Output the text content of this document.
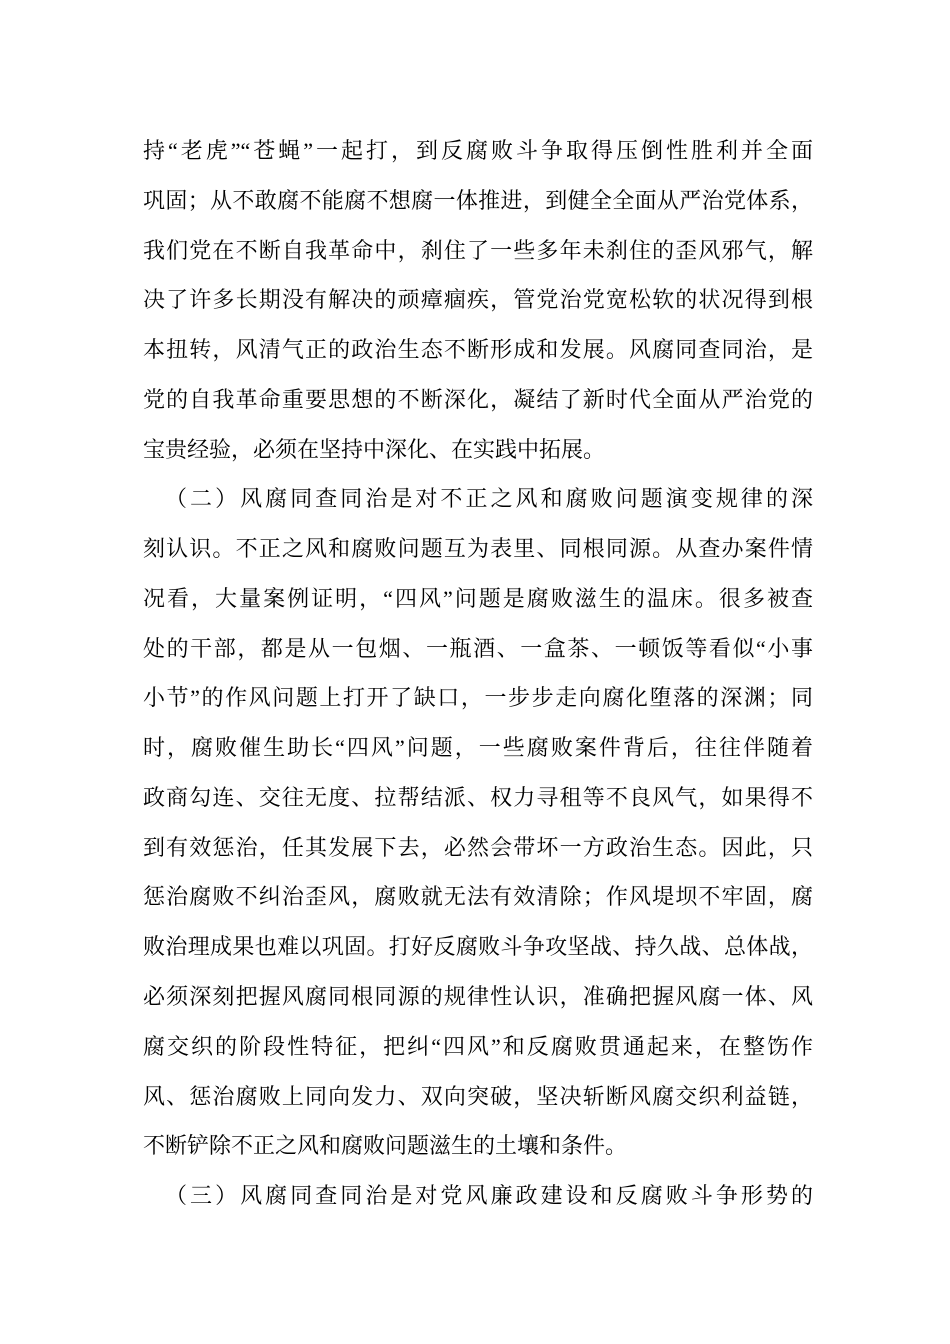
持“老虎”“苍蝇”一起打，到反腐败斗争取得压倒性胜利并全面
巩固；从不敢腐不能腐不想腐一体推进，到健全全面从严治党体系，
我们党在不断自我革命中，刹住了一些多年未刹住的歪风邪气，解
决了许多长期没有解决的顽瘴痼疾，管党治党宽松软的状况得到根
本扭转，风清气正的政治生态不断形成和发展。风腐同查同治，是
党的自我革命重要思想的不断深化，凝结了新时代全面从严治党的
宝贵经验，必须在坚持中深化、在实践中拓展。
（二）风腐同查同治是对不正之风和腐败问题演变规律的深
刻认识。不正之风和腐败问题互为表里、同根同源。从查办案件情
况看，大量案例证明，“四风”问题是腐败滋生的温床。很多被查
处的干部，都是从一包烟、一瓶酒、一盒茶、一顿饭等看似“小事
小节”的作风问题上打开了缺口，一步步走向腐化堕落的深渊；同
时，腐败催生助长“四风”问题，一些腐败案件背后，往往伴随着
政商勾连、交往无度、拉帮结派、权力寻租等不良风气，如果得不
到有效惩治，任其发展下去，必然会带坏一方政治生态。因此，只
惩治腐败不纠治歪风，腐败就无法有效清除；作风堤坝不牢固，腐
败治理成果也难以巩固。打好反腐败斗争攻坚战、持久战、总体战，
必须深刻把握风腐同根同源的规律性认识，准确把握风腐一体、风
腐交织的阶段性特征，把纠“四风”和反腐败贯通起来，在整饬作
风、惩治腐败上同向发力、双向突破，坚决斩断风腐交织利益链，
不断铲除不正之风和腐败问题滋生的土壤和条件。
（三）风腐同查同治是对党风廉政建设和反腐败斗争形势的
